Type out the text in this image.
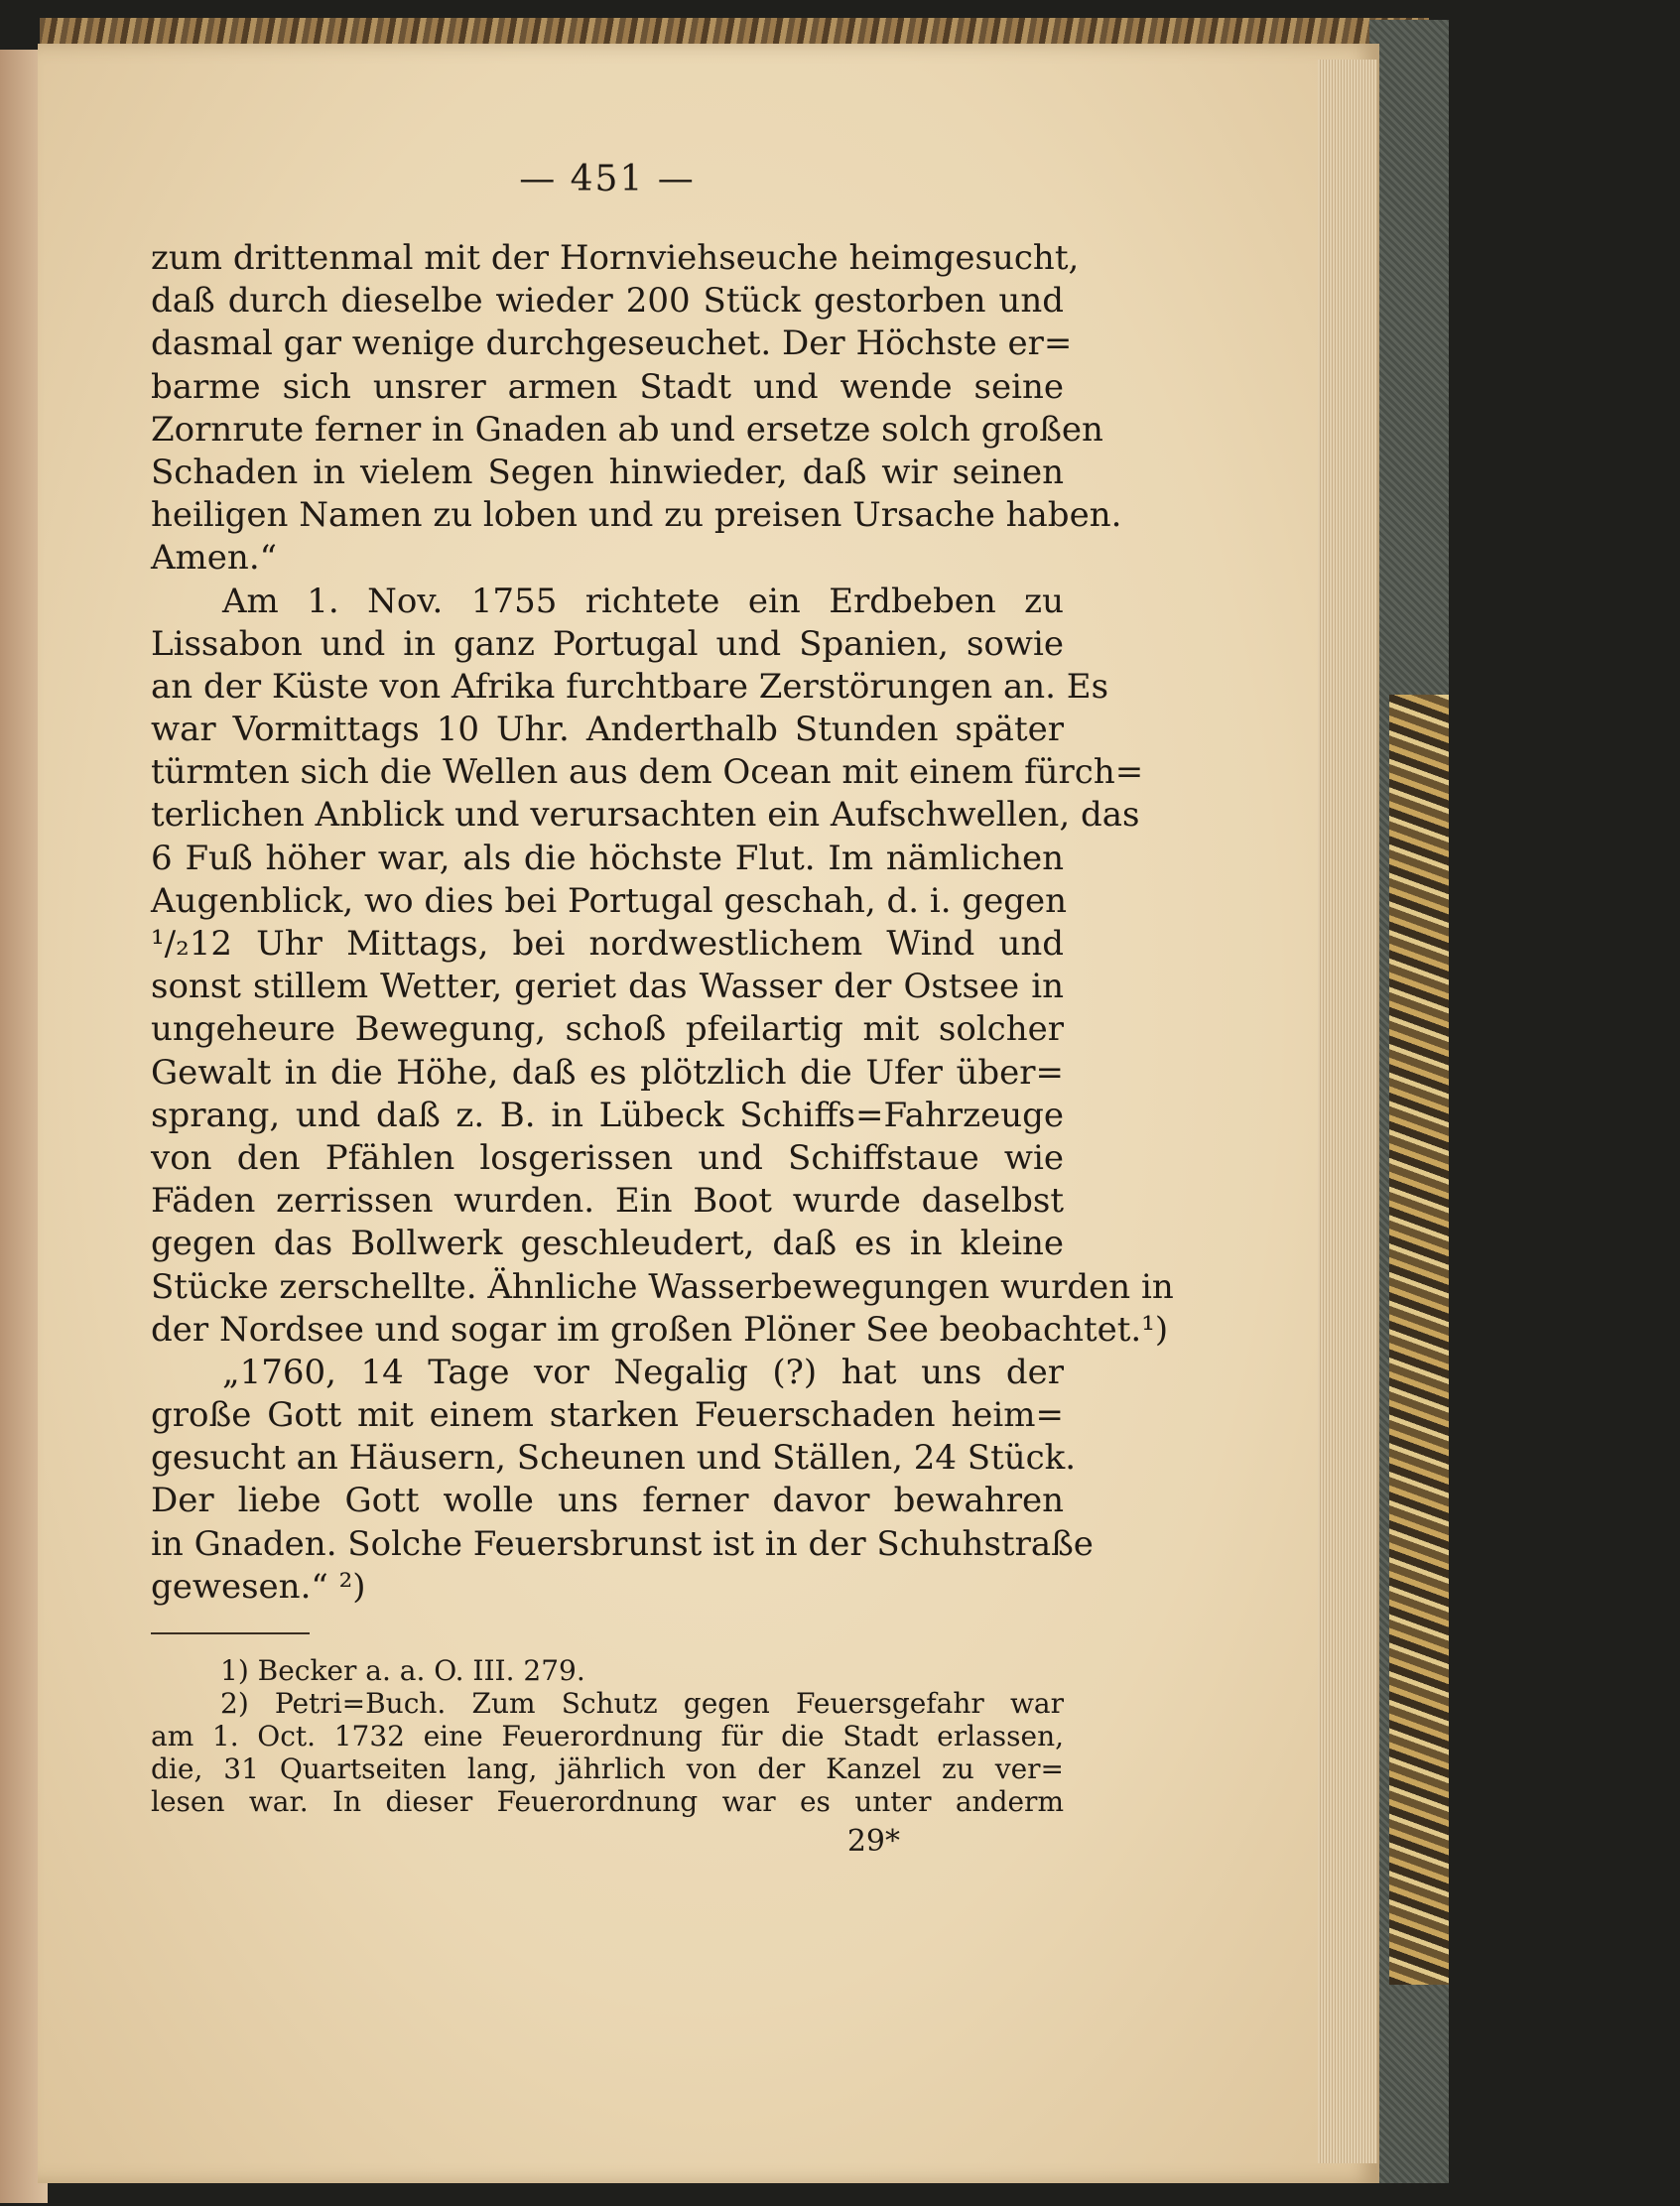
— 451 —
zum drittenmal mit der Hornviehseuche heimgesucht,
daß durch dieselbe wieder 200 Stück gestorben und
dasmal gar wenige durchgeseuchet. Der Höchste er=
barme sich unsrer armen Stadt und wende seine
Zornrute ferner in Gnaden ab und ersetze solch großen
Schaden in vielem Segen hinwieder, daß wir seinen
heiligen Namen zu loben und zu preisen Ursache haben.
Amen.“
Am 1. Nov. 1755 richtete ein Erdbeben zu
Lissabon und in ganz Portugal und Spanien, sowie
an der Küste von Afrika furchtbare Zerstörungen an. Es
war Vormittags 10 Uhr. Anderthalb Stunden später
türmten sich die Wellen aus dem Ocean mit einem fürch=
terlichen Anblick und verursachten ein Aufschwellen, das
6 Fuß höher war, als die höchste Flut. Im nämlichen
Augenblick, wo dies bei Portugal geschah, d. i. gegen
¹/₂12 Uhr Mittags, bei nordwestlichem Wind und
sonst stillem Wetter, geriet das Wasser der Ostsee in
ungeheure Bewegung, schoß pfeilartig mit solcher
Gewalt in die Höhe, daß es plötzlich die Ufer über=
sprang, und daß z. B. in Lübeck Schiffs=Fahrzeuge
von den Pfählen losgerissen und Schiffstaue wie
Fäden zerrissen wurden. Ein Boot wurde daselbst
gegen das Bollwerk geschleudert, daß es in kleine
Stücke zerschellte. Ähnliche Wasserbewegungen wurden in
der Nordsee und sogar im großen Plöner See beobachtet.¹)
„1760, 14 Tage vor Negalig (?) hat uns der
große Gott mit einem starken Feuerschaden heim=
gesucht an Häusern, Scheunen und Ställen, 24 Stück.
Der liebe Gott wolle uns ferner davor bewahren
in Gnaden. Solche Feuersbrunst ist in der Schuhstraße
gewesen.“ ²)
1) Becker a. a. O. III. 279.
2) Petri=Buch. Zum Schutz gegen Feuersgefahr war
am 1. Oct. 1732 eine Feuerordnung für die Stadt erlassen,
die, 31 Quartseiten lang, jährlich von der Kanzel zu ver=
lesen war. In dieser Feuerordnung war es unter anderm
29*
